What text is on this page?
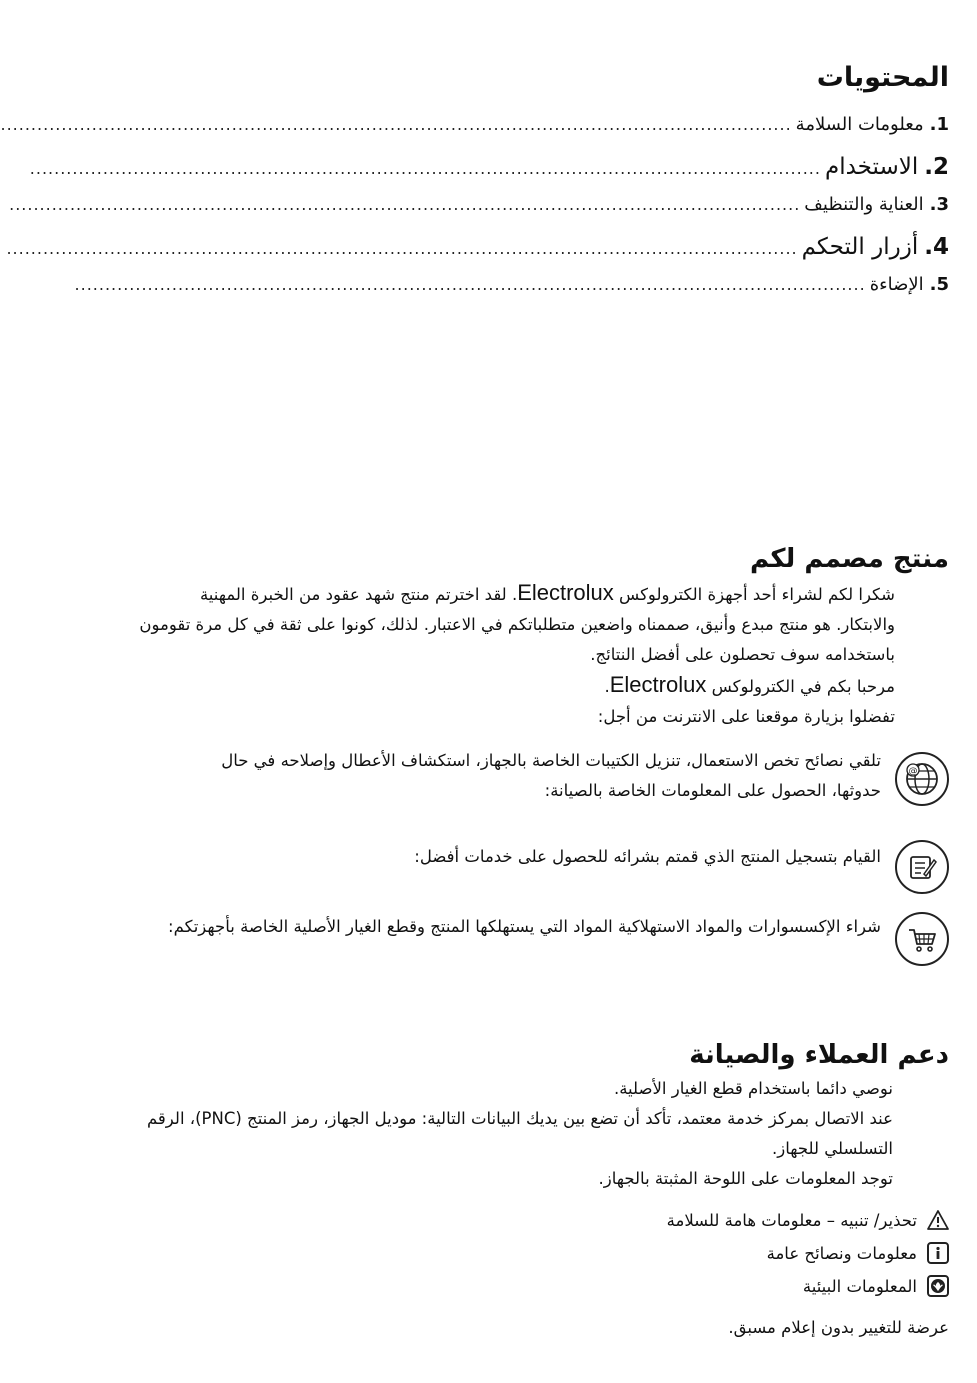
المحتويات
1.
معلومات السلامة
..................................................................................................................................
2.
الاستخدام
..................................................................................................................................
3.
العناية والتنظيف
..................................................................................................................................
4.
أزرار التحكم
..................................................................................................................................
5.
الإضاءة
..................................................................................................................................
منتج مصمم لكم
شكرا لكم لشراء أحد أجهزة الكترولوكس Electrolux. لقد اخترتم منتج شهد عقود من الخبرة المهنية
والابتكار. هو منتج مبدع وأنيق، صممناه واضعين متطلباتكم في الاعتبار. لذلك، كونوا على ثقة في كل مرة تقومون
باستخدامه سوف تحصلون على أفضل النتائج.
مرحبا بكم في الكترولوكس Electrolux.
تفضلوا بزيارة موقعنا على الانترنت من أجل:
@
تلقي نصائح تخص الاستعمال، تنزيل الكتيبات الخاصة بالجهاز، استكشاف الأعطال وإصلاحه في حال
حدوثها، الحصول على المعلومات الخاصة بالصيانة:
القيام بتسجيل المنتج الذي قمتم بشرائه للحصول على خدمات أفضل:
شراء الإكسسوارات والمواد الاستهلاكية المواد التي يستهلكها المنتج وقطع الغيار الأصلية الخاصة بأجهزتكم:
دعم العملاء والصيانة
نوصي دائما باستخدام قطع الغيار الأصلية.
عند الاتصال بمركز خدمة معتمد، تأكد أن تضع بين يديك البيانات التالية: موديل الجهاز، رمز المنتج (PNC)، الرقم
التسلسلي للجهاز.
توجد المعلومات على اللوحة المثبتة بالجهاز.
تحذير/ تنبيه – معلومات هامة للسلامة
معلومات ونصائح عامة
المعلومات البيئية
عرضة للتغيير بدون إعلام مسبق.
